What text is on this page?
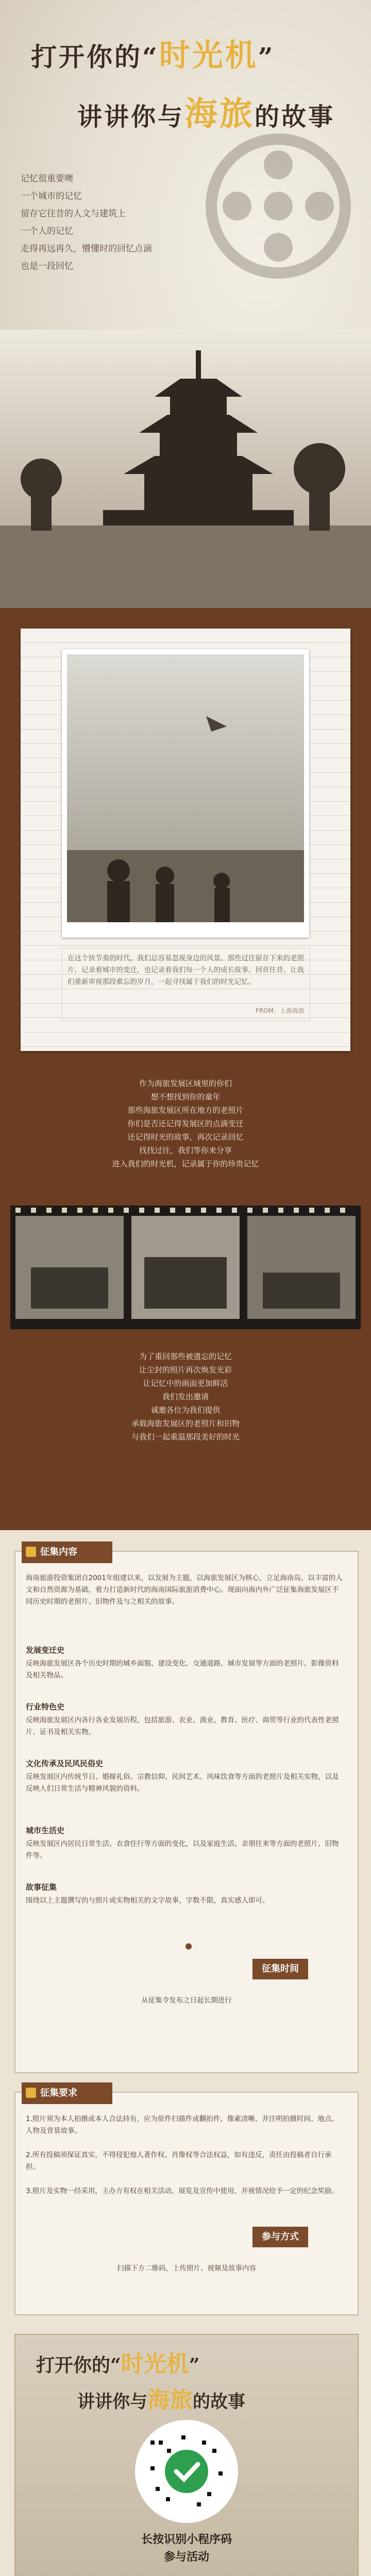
打开你的“时光机”
讲讲你与海旅的故事
记忆很重要噢
一个城市的记忆
留存它往昔的人文与建筑上
一个人的记忆
走得再远再久，懵懂时的回忆点滴
也是一段回忆
在这个快节奏的时代，我们总容易忽视身边的风景。那些过往留存下来的老照片，记录着城市的变迁，也记录着我们每一个人的成长故事。回首往昔，让我们重新审视那段难忘的岁月，一起寻找属于我们的时光记忆。
FROM：上海海旅
作为海旅发展区域里的你们
想不想找到你的童年
那些海旅发展区所在地方的老照片
你们是否还记得发展区的点滴变迁
还记得时光的故事，再次记录回忆
找找过往，我们等你来分享
进入我们的时光机，记录属于你的珍贵记忆
为了重回那些被遗忘的记忆
让尘封的照片再次焕发光彩
让记忆中的画面更加鲜活
我们发出邀请
诚邀各位为我们提供
承载海旅发展区的老照片和旧物
与我们一起重温那段美好的时光
征集内容
海南旅游投资集团自2001年组建以来，以发展为主题，以海旅发展区为核心，立足海南岛，以丰富的人文和自然资源为基础，着力打造新时代的海南国际旅游消费中心。现面向海内外广泛征集海旅发展区不同历史时期的老照片、旧物件及与之相关的故事。
发展变迁史
反映海旅发展区各个历史时期的城乡面貌、建设变化、交通道路、城市发展等方面的老照片、影像资料及相关物品。
行业特色史
反映海旅发展区内各行各业发展历程，包括旅游、农业、渔业、教育、医疗、商贸等行业的代表性老照片、证书及相关实物。
文化传承及民风民俗史
反映发展区内传统节日、婚嫁礼俗、宗教信仰、民间艺术、风味饮食等方面的老照片及相关实物，以及反映人们日常生活与精神风貌的资料。
城市生活史
反映发展区内居民日常生活、衣食住行等方面的变化，以及家庭生活、亲朋往来等方面的老照片、旧物件等。
故事征集
围绕以上主题撰写的与照片或实物相关的文字故事，字数不限，真实感人即可。
征集时间
从征集令发布之日起长期进行
征集要求
1.照片须为本人拍摄或本人合法持有，应为原件扫描件或翻拍件，像素清晰，并注明拍摄时间、地点、人物及背景故事。
2.所有投稿须保证真实，不得侵犯他人著作权、肖像权等合法权益，如有违反，责任由投稿者自行承担。
3.照片及实物一经采用，主办方有权在相关活动、展览及宣传中使用，并视情况给予一定的纪念奖励。
参与方式
扫描下方二维码，上传照片、视频及故事内容
打开你的“时光机”
讲讲你与海旅的故事
长按识别小程序码
参与活动
